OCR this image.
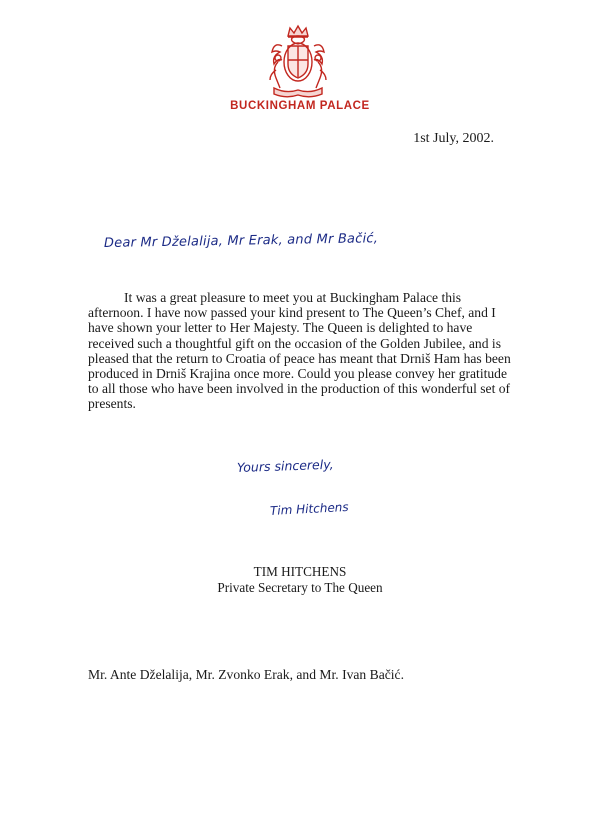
BUCKINGHAM PALACE
1st July, 2002.
Dear Mr Dželalija, Mr Erak, and Mr Bačić,

It was a great pleasure to meet you at Buckingham Palace this afternoon. I have now passed your kind present to The Queen’s Chef, and I have shown your letter to Her Majesty. The Queen is delighted to have received such a thoughtful gift on the occasion of the Golden Jubilee, and is pleased that the return to Croatia of peace has meant that Drniš Ham has been produced in Drniš Krajina once more. Could you please convey her gratitude to all those who have been involved in the production of this wonderful set of presents.

Yours sincerely,
Tim Hitchens
TIM HITCHENS
Private Secretary to The Queen
Mr. Ante Dželalija, Mr. Zvonko Erak, and Mr. Ivan Bačić.
